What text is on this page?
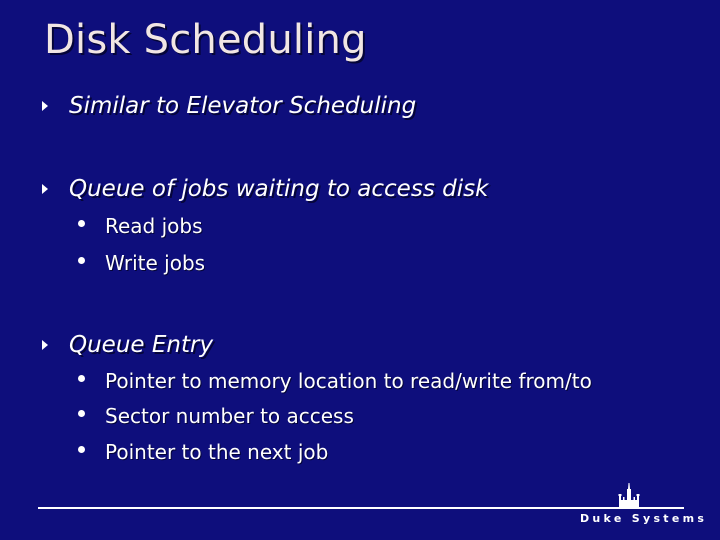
Disk Scheduling
Similar to Elevator Scheduling
Queue of jobs waiting to access disk
Read jobs
Write jobs
Queue Entry
Pointer to memory location to read/write from/to
Sector number to access
Pointer to the next job
Duke Systems
